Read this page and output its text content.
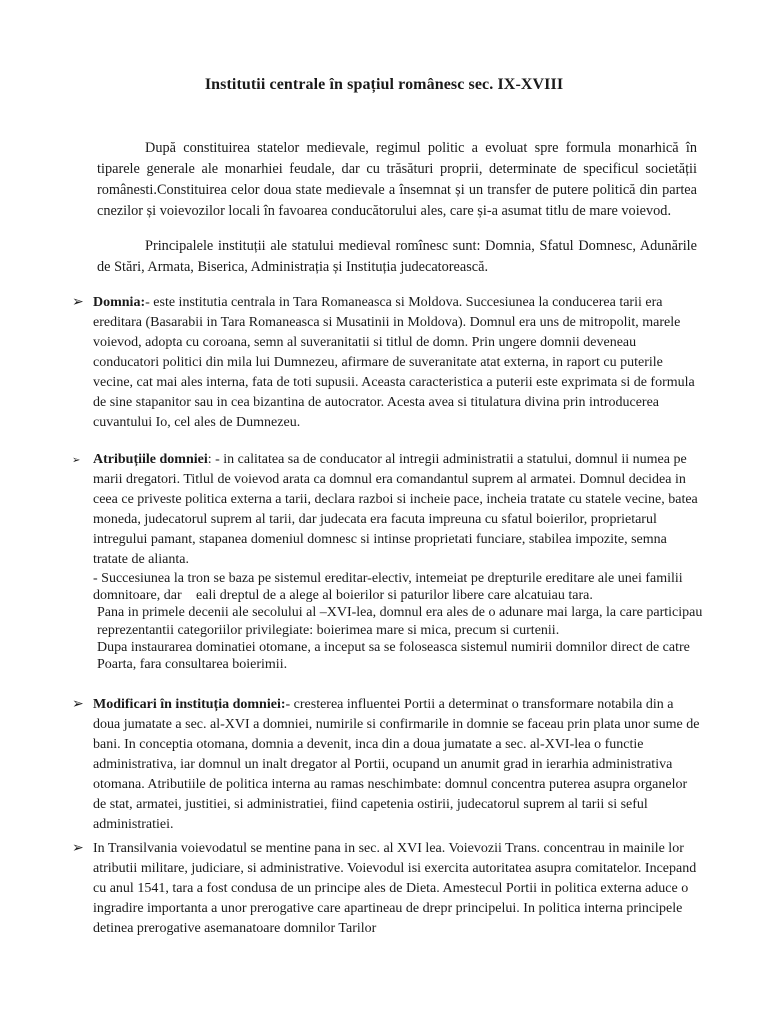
Institutii centrale în spațiul românesc sec. IX-XVIII
După constituirea statelor medievale, regimul politic a evoluat spre formula monarhică în tiparele generale ale monarhiei feudale, dar cu trăsături proprii, determinate de specificul societății românesti.Constituirea celor doua state medievale a însemnat și un transfer de putere politică din partea cnezilor și voievozilor locali în favoarea conducătorului ales, care și-a asumat titlu de mare voievod.
Principalele instituții ale statului medieval romînesc sunt: Domnia, Sfatul Domnesc, Adunările de Stări, Armata, Biserica, Administrația și Instituția judecatorească.
➢ Domnia:- este institutia centrala in Tara Romaneasca si Moldova. Succesiunea la conducerea tarii era ereditara (Basarabii in Tara Romaneasca si Musatinii in Moldova). Domnul era uns de mitropolit, marele voievod, adopta cu coroana, semn al suveranitatii si titlul de domn. Prin ungere domnii deveneau conducatori politici din mila lui Dumnezeu, afirmare de suveranitate atat externa, in raport cu puterile vecine, cat mai ales interna, fata de toti supusii. Aceasta caracteristica a puterii este exprimata si de formula de sine stapanitor sau in cea bizantina de autocrator. Acesta avea si titulatura divina prin introducerea cuvantului Io, cel ales de Dumnezeu.
➢ Atribuțiile domniei: - in calitatea sa de conducator al intregii administratii a statului, domnul ii numea pe marii dregatori. Titlul de voievod arata ca domnul era comandantul suprem al armatei. Domnul decidea in ceea ce priveste politica externa a tarii, declara razboi si incheie pace, incheia tratate cu statele vecine, batea moneda, judecatorul suprem al tarii, dar judecata era facuta impreuna cu sfatul boierilor, proprietarul intregului pamant, stapanea domeniul domnesc si intinse proprietati funciare, stabilea impozite, semna tratate de alianta.
- Succesiunea la tron se baza pe sistemul ereditar-electiv, intemeiat pe drepturile ereditare ale unei familii domnitoare, dar  eali dreptul de a alege al boierilor si paturilor libere care alcatuiau tara.
Pana in primele decenii ale secolului al –XVI-lea, domnul era ales de o adunare mai larga, la care participau reprezentantii categoriilor privilegiate: boierimea mare si mica, precum si curtenii.
Dupa instaurarea dominatiei otomane, a inceput sa se foloseasca sistemul numirii domnilor direct de catre Poarta, fara consultarea boierimii.
➢ Modificari în instituția domniei:- cresterea influentei Portii a determinat o transformare notabila din a doua jumatate a sec. al-XVI a domniei, numirile si confirmarile in domnie se faceau prin plata unor sume de bani. In conceptia otomana, domnia a devenit, inca din a doua jumatate a sec. al-XVI-lea o functie administrativa, iar domnul un inalt dregator al Portii, ocupand un anumit grad in ierarhia administrativa otomana. Atributiile de politica interna au ramas neschimbate: domnul concentra puterea asupra organelor de stat, armatei, justitiei, si administratiei, fiind capetenia ostirii, judecatorul suprem al tarii si seful administratiei.
➢ In Transilvania voievodatul se mentine pana in sec. al XVI lea. Voievozii Trans. concentrau in mainile lor atributii militare, judiciare, si administrative. Voievodul isi exercita autoritatea asupra comitatelor. Incepand cu anul 1541, tara a fost condusa de un principe ales de Dieta. Amestecul Portii in politica externa aduce o ingradire importanta a unor prerogative care apartineau de drepr principelui. In politica interna principele detinea prerogative asemanatoare domnilor Tarilor
